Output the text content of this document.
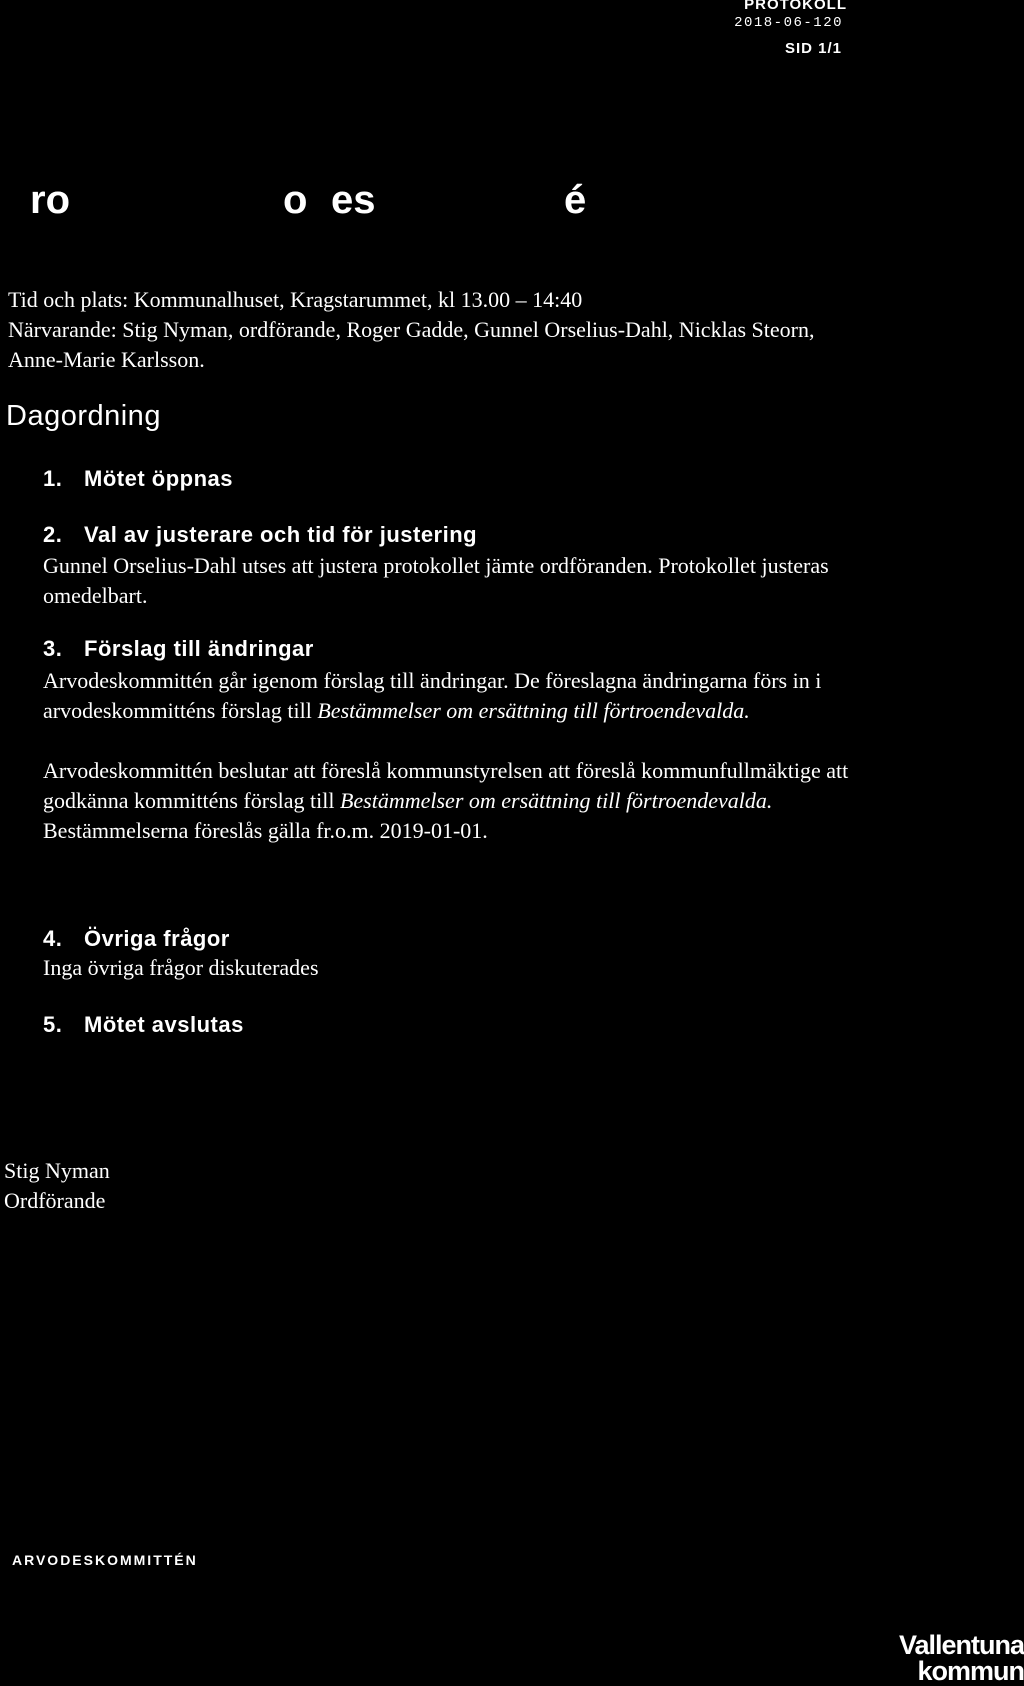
PROTOKOLL
2018-06-120
SID 1/1
ro	o es	é

Tid och plats: Kommunalhuset, Kragstarummet, kl 13.00 – 14:40

Närvarande: Stig Nyman, ordförande, Roger Gadde, Gunnel Orselius-Dahl, Nicklas Steorn, Anne-Marie Karlsson.

Dagordning
1. Mötet öppnas
2. Val av justerare och tid för justering

Gunnel Orselius-Dahl utses att justera protokollet jämte ordföranden. Protokollet justeras omedelbart.

3. Förslag till ändringar

Arvodeskommittén går igenom förslag till ändringar. De föreslagna ändringarna förs in i arvodeskommitténs förslag till Bestämmelser om ersättning till förtroendevalda.

Arvodeskommittén beslutar att föreslå kommunstyrelsen att föreslå kommunfullmäktige att godkänna kommitténs förslag till Bestämmelser om ersättning till förtroendevalda.

Bestämmelserna föreslås gälla fr.o.m. 2019-01-01.

4. Övriga frågor

Inga övriga frågor diskuterades

5. Mötet avslutas
Stig Nyman
Ordförande
ARVODESKOMMITTÉN
Vallentuna
kommun
